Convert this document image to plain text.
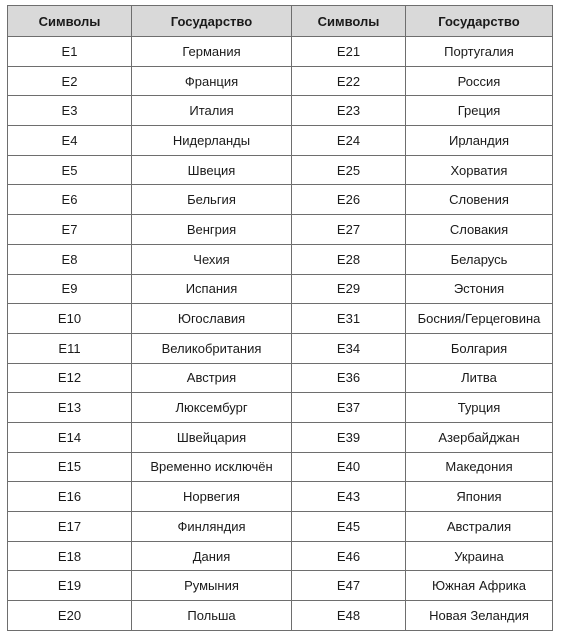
Символы	Государство	Символы	Государство
E1	Германия	E21	Португалия
E2	Франция	E22	Россия
E3	Италия	E23	Греция
E4	Нидерланды	E24	Ирландия
E5	Швеция	E25	Хорватия
E6	Бельгия	E26	Словения
E7	Венгрия	E27	Словакия
E8	Чехия	E28	Беларусь
E9	Испания	E29	Эстония
E10	Югославия	E31	Босния/Герцеговина
E11	Великобритания	E34	Болгария
E12	Австрия	E36	Литва
E13	Люксембург	E37	Турция
E14	Швейцария	E39	Азербайджан
E15	Временно исключён	E40	Македония
E16	Норвегия	E43	Япония
E17	Финляндия	E45	Австралия
E18	Дания	E46	Украина
E19	Румыния	E47	Южная Африка
E20	Польша	E48	Новая Зеландия
